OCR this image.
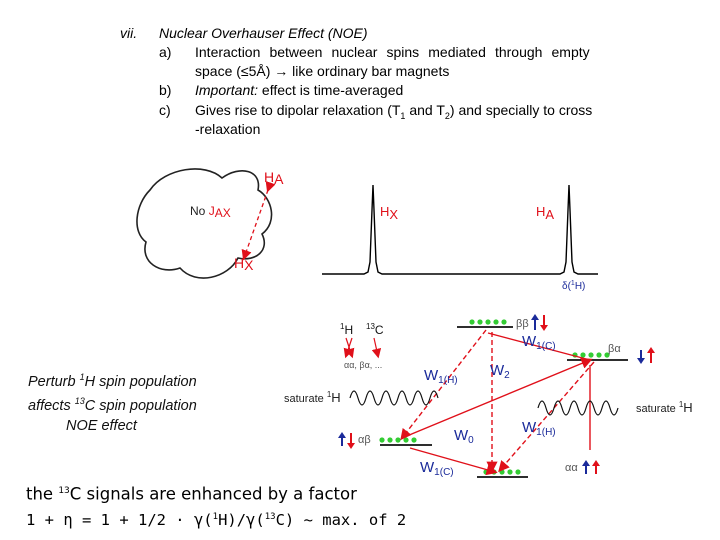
vii. Nuclear Overhauser Effect (NOE)
a) Interaction between nuclear spins mediated through empty
space (≤5Å) → like ordinary bar magnets
b) Important: effect is time-averaged
c) Gives rise to dipolar relaxation ($T_1$ and $T_2$) and specially to cross
-relaxation
HA
HX
No JAX	HX	HA
δ($^1$H)
ββ
βα
αβ
αα
$^1$H $^{13}$C
αα, βα, ...
$W_{1(H)}$
$W_2$
$W_{1(C)}$
$W_0$
$W_{1(H)}$
$W_{1(C)}$
saturate $^1$H
saturate $^1$H
Perturb $^1$H spin population
affects $^{13}$C spin population
NOE effect
the $^{13}$C signals are enhanced by a factor
1 + η = 1 + 1/2 · γ($^1$H)/γ($^{13}$C) ~ max. of 2
